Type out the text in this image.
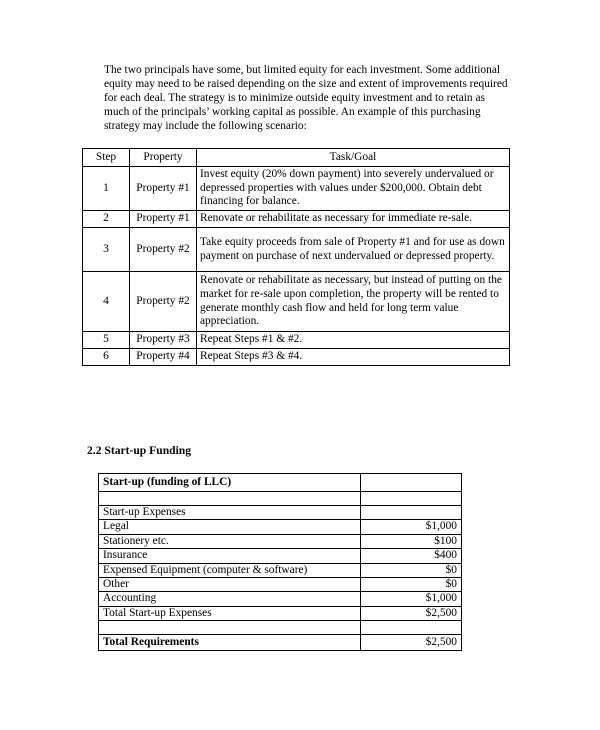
The two principals have some, but limited equity for each investment. Some additional equity may need to be raised depending on the size and extent of improvements required for each deal. The strategy is to minimize outside equity investment and to retain as much of the principals’ working capital as possible. An example of this purchasing strategy may include the following scenario:

Step	Property	Task/Goal
1	Property #1	Invest equity (20% down payment) into severely undervalued or depressed properties with values under $200,000. Obtain debt financing for balance.
2	Property #1	Renovate or rehabilitate as necessary for immediate re-sale.
3	Property #2	Take equity proceeds from sale of Property #1 and for use as down payment on purchase of next undervalued or depressed property.
4	Property #2	Renovate or rehabilitate as necessary, but instead of putting on the market for re-sale upon completion, the property will be rented to generate monthly cash flow and held for long term value appreciation.
5	Property #3	Repeat Steps #1 & #2.
6	Property #4	Repeat Steps #3 & #4.
2.2 Start-up Funding
Start-up (funding of LLC)	

Start-up Expenses	
Legal	$1,000
Stationery etc.	$100
Insurance	$400
Expensed Equipment (computer & software)	$0
Other	$0
Accounting	$1,000
Total Start-up Expenses	$2,500

Total Requirements	$2,500
